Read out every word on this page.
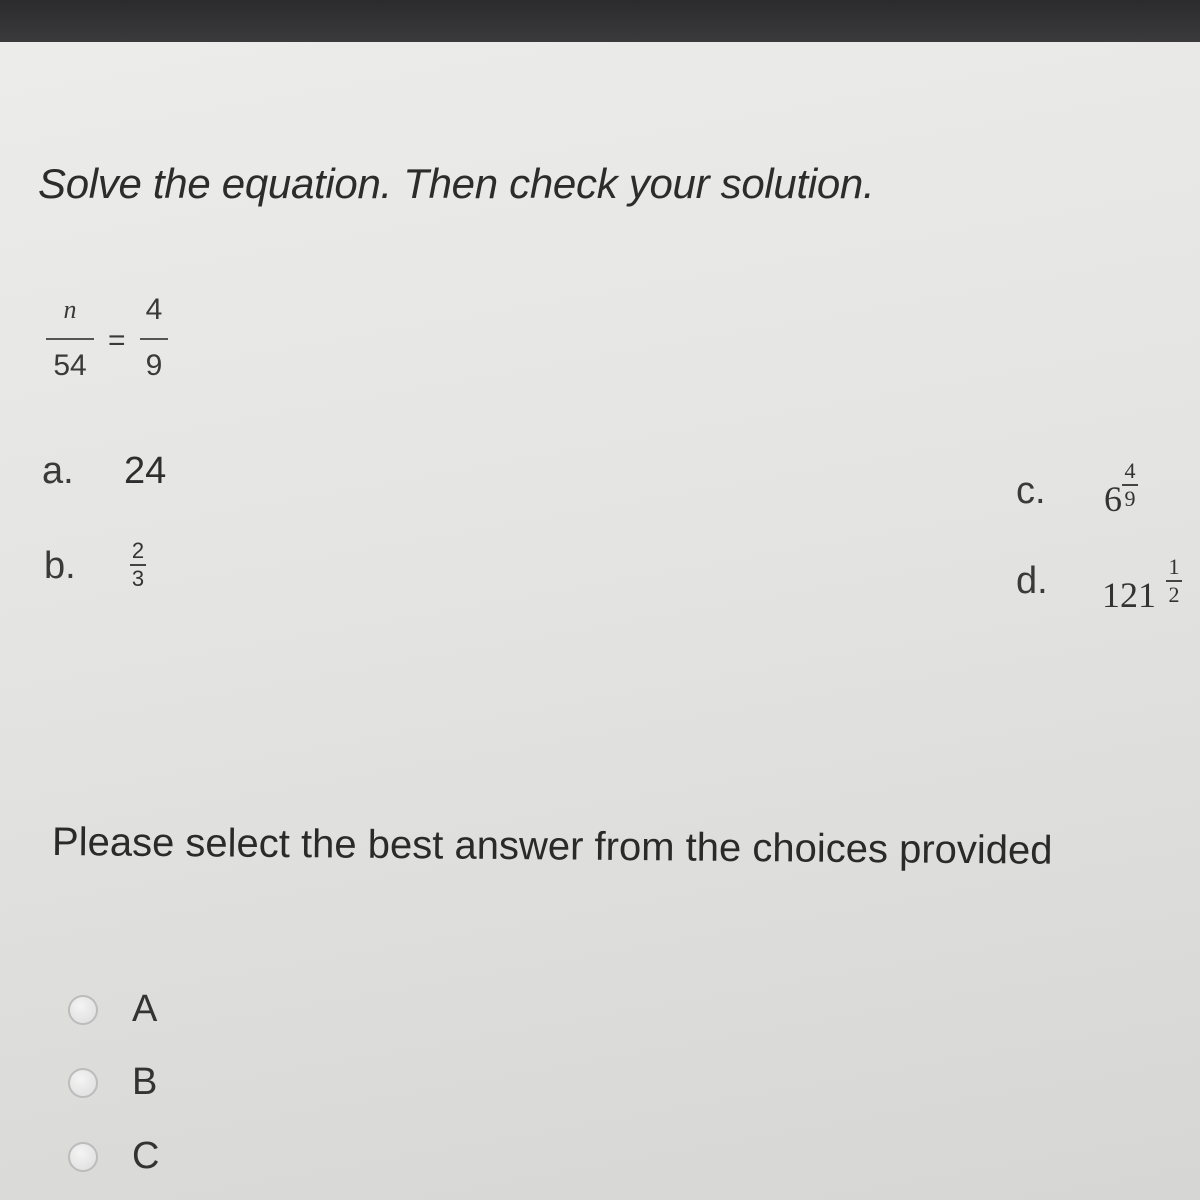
Solve the equation. Then check your solution.
n
54
=
4
9
a. 24
b.	2
3
c. 6
4
9
d. 121
1
2
Please select the best answer from the choices provided
A
B
C
